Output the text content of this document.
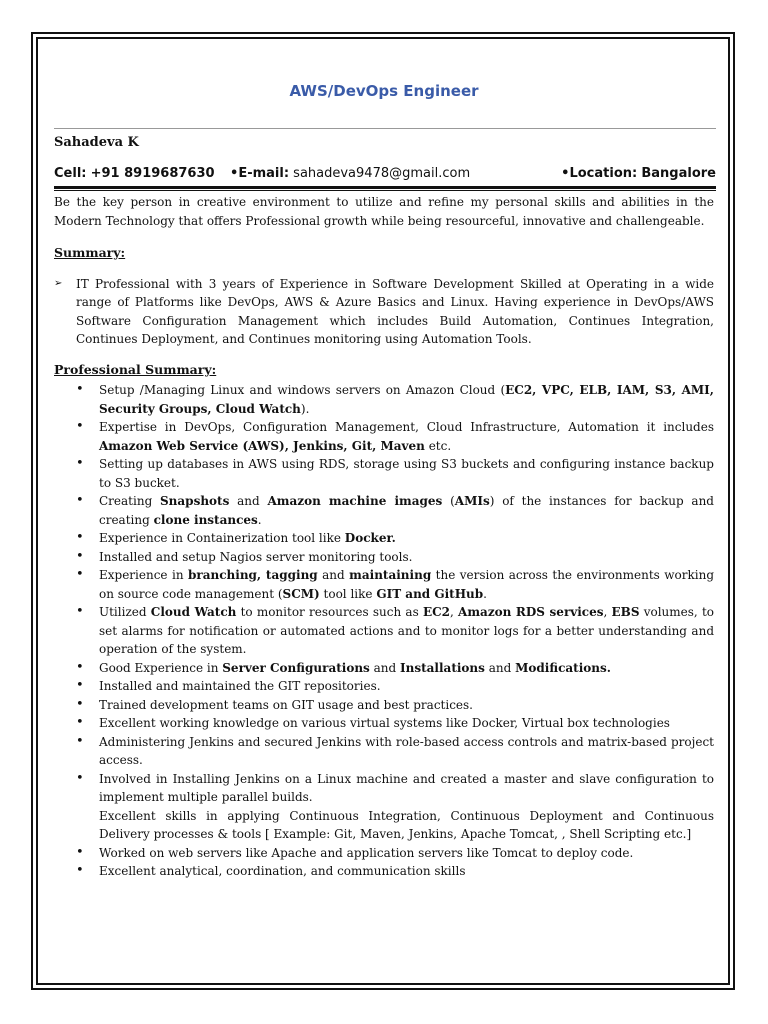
AWS/DevOps Engineer
Sahadeva K
Cell: +91 8919687630 •E-mail: sahadeva9478@gmail.com	•Location: Bangalore

Be the key person in creative environment to utilize and refine my personal skills and abilities in the Modern Technology that offers Professional growth while being resourceful, innovative and challengeable.

Summary:

➢ IT Professional with 3 years of Experience in Software Development Skilled at Operating in a wide range of Platforms like DevOps, AWS & Azure Basics and Linux. Having experience in DevOps/AWS Software Configuration Management which includes Build Automation, Continues Integration, Continues Deployment, and Continues monitoring using Automation Tools.

Professional Summary:

• Setup /Managing Linux and windows servers on Amazon Cloud (EC2, VPC, ELB, IAM, S3, AMI, Security Groups, Cloud Watch).
• Expertise in DevOps, Configuration Management, Cloud Infrastructure, Automation it includes Amazon Web Service (AWS), Jenkins, Git, Maven etc.
• Setting up databases in AWS using RDS, storage using S3 buckets and configuring instance backup to S3 bucket.
• Creating Snapshots and Amazon machine images (AMIs) of the instances for backup and creating clone instances.
• Experience in Containerization tool like Docker.
• Installed and setup Nagios server monitoring tools.
• Experience in branching, tagging and maintaining the version across the environments working on source code management (SCM) tool like GIT and GitHub.
• Utilized Cloud Watch to monitor resources such as EC2, Amazon RDS services, EBS volumes, to set alarms for notification or automated actions and to monitor logs for a better understanding and operation of the system.
• Good Experience in Server Configurations and Installations and Modifications.
• Installed and maintained the GIT repositories.
• Trained development teams on GIT usage and best practices.
• Excellent working knowledge on various virtual systems like Docker, Virtual box technologies
• Administering Jenkins and secured Jenkins with role-based access controls and matrix-based project access.
• Involved in Installing Jenkins on a Linux machine and created a master and slave configuration to implement multiple parallel builds.
Excellent skills in applying Continuous Integration, Continuous Deployment and Continuous Delivery processes & tools [ Example: Git, Maven, Jenkins, Apache Tomcat, , Shell Scripting etc.]
• Worked on web servers like Apache and application servers like Tomcat to deploy code.
• Excellent analytical, coordination, and communication skills
